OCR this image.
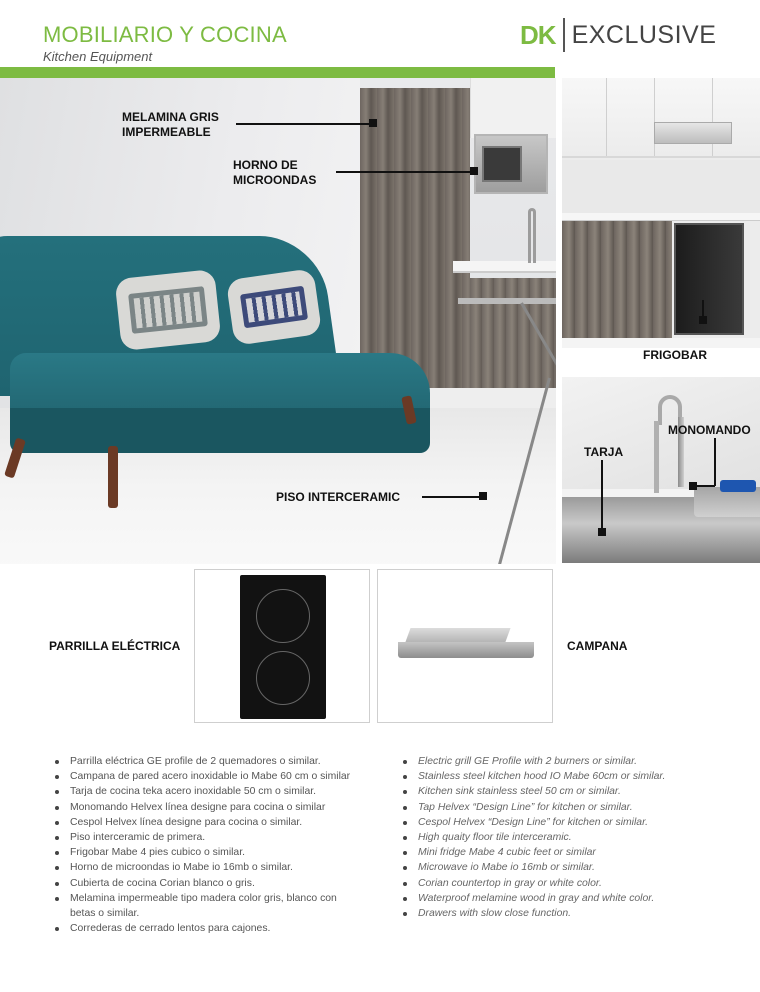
MOBILIARIO Y COCINA
Kitchen Equipment
DK EXCLUSIVE
MELAMINA GRIS IMPERMEABLE
HORNO DE MICROONDAS
PISO INTERCERAMIC
FRIGOBAR
MONOMANDO
TARJA
PARRILLA ELÉCTRICA	CAMPANA
Parrilla eléctrica GE profile de 2 quemadores o similar.
Campana de pared acero inoxidable io Mabe 60 cm o similar
Tarja de cocina teka acero inoxidable 50 cm o similar.
Monomando Helvex línea designe para cocina o similar
Cespol Helvex línea designe para cocina o similar.
Piso interceramic de primera.
Frigobar Mabe 4 pies cubico o similar.
Horno de microondas io Mabe io 16mb o similar.
Cubierta de cocina Corian blanco o gris.
Melamina impermeable tipo madera color gris, blanco con betas o similar.
Correderas de cerrado lentos para cajones.
Electric grill GE Profile with 2 burners or similar.
Stainless steel kitchen hood IO Mabe 60cm or similar.
Kitchen sink stainless steel 50 cm or similar.
Tap Helvex “Design Line” for kitchen or similar.
Cespol Helvex “Design Line” for kitchen or similar.
High quaity floor tile interceramic.
Mini fridge Mabe 4 cubic feet or similar
Microwave io Mabe io 16mb or similar.
Corian countertop in gray or white color.
Waterproof melamine wood in gray and white color.
Drawers with slow close function.
